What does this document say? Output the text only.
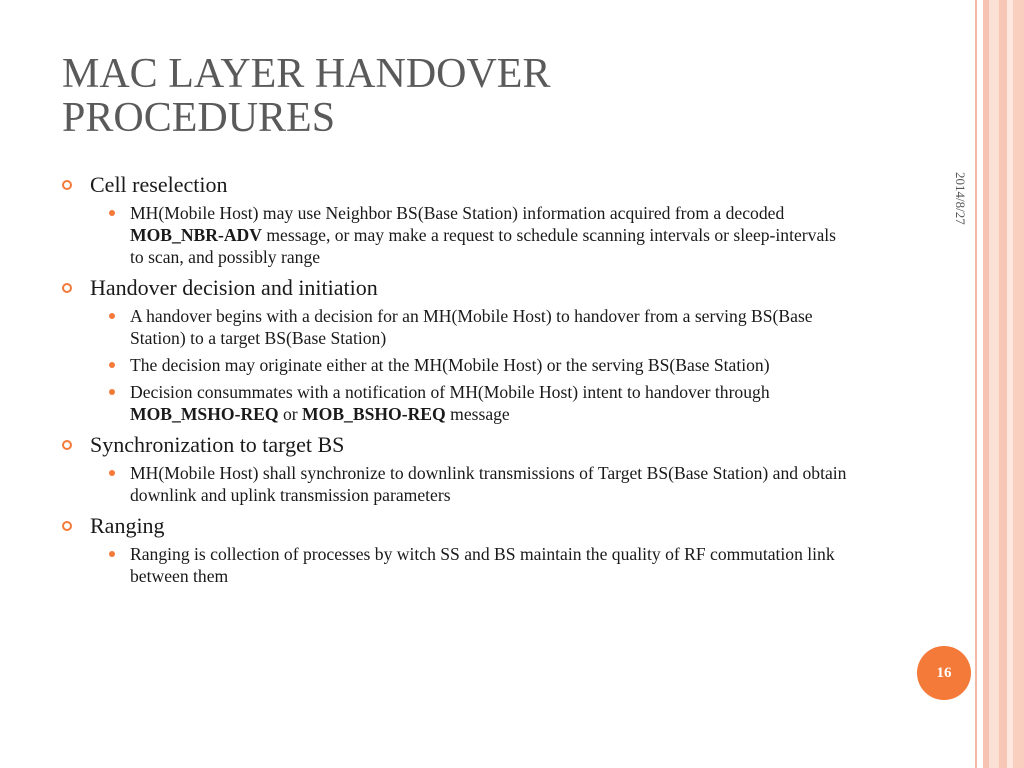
MAC LAYER HANDOVER PROCEDURES
2014/8/27
Cell reselection
MH(Mobile Host) may use Neighbor BS(Base Station) information acquired from a decoded MOB_NBR-ADV message, or may make a request to schedule scanning intervals or sleep-intervals to scan, and possibly range
Handover decision and initiation
A handover begins with a decision for an MH(Mobile Host) to handover from a serving BS(Base Station) to a target BS(Base Station)
The decision may originate either at the MH(Mobile Host) or the serving BS(Base Station)
Decision consummates with a notification of MH(Mobile Host) intent to handover through MOB_MSHO-REQ or MOB_BSHO-REQ message
Synchronization to target BS
MH(Mobile Host) shall synchronize to downlink transmissions of Target BS(Base Station) and obtain downlink and uplink transmission parameters
Ranging
Ranging is collection of processes by witch SS and BS maintain the quality of RF commutation link between them
16
